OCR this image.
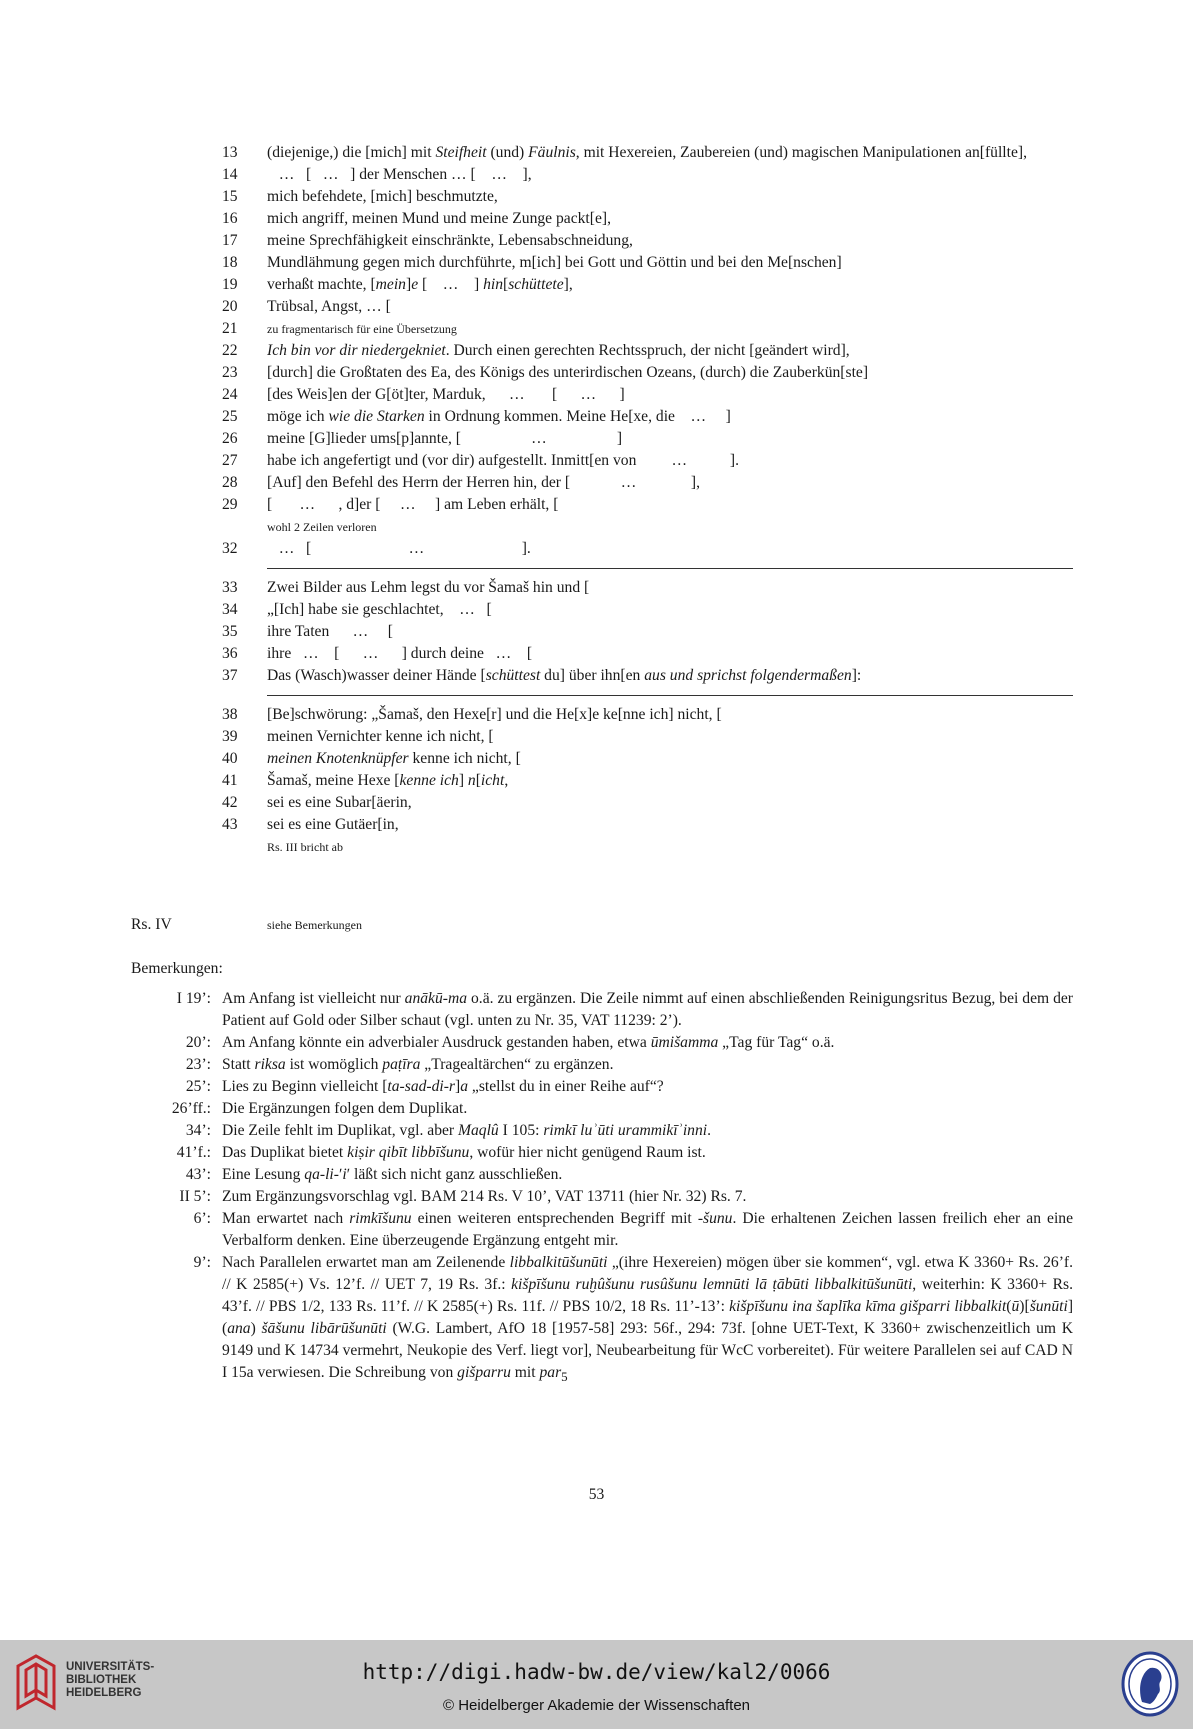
13	(diejenige,) die [mich] mit Steifheit (und) Fäulnis, mit Hexereien, Zaubereien (und) magischen Manipulationen an[füllte],
14	…   [   …   ] der Menschen … [    …    ],
15	mich befehdete, [mich] beschmutzte,
16	mich angriff, meinen Mund und meine Zunge packt[e],
17	meine Sprechfähigkeit einschränkte, Lebensabschneidung,
18	Mundlähmung gegen mich durchführte, m[ich] bei Gott und Göttin und bei den Me[nschen]
19	verhaßt machte, [mein]e [    …    ] hin[schüttete],
20	Trübsal, Angst, … [
21	zu fragmentarisch für eine Übersetzung
22	Ich bin vor dir niedergekniet. Durch einen gerechten Rechtsspruch, der nicht [geändert wird],
23	[durch] die Großtaten des Ea, des Königs des unterirdischen Ozeans, (durch) die Zauberkün[ste]
24	[des Weis]en der G[öt]ter, Marduk,      …       [      …      ]
25	möge ich wie die Starken in Ordnung kommen. Meine He[xe, die    …     ]
26	meine [G]lieder ums[p]annte, [                  …                  ]
27	habe ich angefertigt und (vor dir) aufgestellt. Inmitt[en von         …           ].
28	[Auf] den Befehl des Herrn der Herren hin, der [             …              ],
29	[       …      , d]er [     …     ] am Leben erhält, [
wohl 2 Zeilen verloren
32	…   [                         …                         ].
33	Zwei Bilder aus Lehm legst du vor Šamaš hin und [
34	„[Ich] habe sie geschlachtet,    …   [
35	ihre Taten      …     [
36	ihre   …    [      …      ] durch deine   …    [
37	Das (Wasch)wasser deiner Hände [schüttest du] über ihn[en aus und sprichst folgendermaßen]:
38	[Be]schwörung: „Šamaš, den Hexe[r] und die He[x]e ke[nne ich] nicht, [
39	meinen Vernichter kenne ich nicht, [
40	meinen Knotenknüpfer kenne ich nicht, [
41	Šamaš, meine Hexe [kenne ich] n[icht,
42	sei es eine Subar[äerin,
43	sei es eine Gutäer[in,
Rs. III bricht ab
Rs. IV	siehe Bemerkungen
Bemerkungen:
I 19’: Am Anfang ist vielleicht nur anākū-ma o.ä. zu ergänzen. Die Zeile nimmt auf einen abschließenden Reinigungsritus Bezug, bei dem der Patient auf Gold oder Silber schaut (vgl. unten zu Nr. 35, VAT 11239: 2’).
20’: Am Anfang könnte ein adverbialer Ausdruck gestanden haben, etwa ūmišamma „Tag für Tag“ o.ä.
23’: Statt riksa ist womöglich paṭīra „Tragealtärchen“ zu ergänzen.
25’: Lies zu Beginn vielleicht [ta-sad-di-r]a „stellst du in einer Reihe auf“?
26’ff.: Die Ergänzungen folgen dem Duplikat.
34’: Die Zeile fehlt im Duplikat, vgl. aber Maqlû I 105: rimkī luʾūti urammikīʾinni.
41’f.: Das Duplikat bietet kiṣir qibīt libbīšunu, wofür hier nicht genügend Raum ist.
43’: Eine Lesung qa-li-ʹiʹ läßt sich nicht ganz ausschließen.
II 5’: Zum Ergänzungsvorschlag vgl. BAM 214 Rs. V 10’, VAT 13711 (hier Nr. 32) Rs. 7.
6’: Man erwartet nach rimkīšunu einen weiteren entsprechenden Begriff mit -šunu. Die erhaltenen Zeichen lassen freilich eher an eine Verbalform denken. Eine überzeugende Ergänzung entgeht mir.
9’: Nach Parallelen erwartet man am Zeilenende libbalkitūšunūti „(ihre Hexereien) mögen über sie kommen“, vgl. etwa K 3360+ Rs. 26’f. // K 2585(+) Vs. 12’f. // UET 7, 19 Rs. 3f.: kišpīšunu ruḫûšunu rusûšunu lemnūti lā ṭābūti libbalkitūšunūti, weiterhin: K 3360+ Rs. 43’f. // PBS 1/2, 133 Rs. 11’f. // K 2585(+) Rs. 11f. // PBS 10/2, 18 Rs. 11’-13’: kišpīšunu ina šaplīka kīma gišparri libbalkit(ū)[šunūti] (ana) šāšunu libārūšunūti (W.G. Lambert, AfO 18 [1957-58] 293: 56f., 294: 73f. [ohne UET-Text, K 3360+ zwischenzeitlich um K 9149 und K 14734 vermehrt, Neukopie des Verf. liegt vor], Neubearbeitung für WcC vorbereitet). Für weitere Parallelen sei auf CAD N I 15a verwiesen. Die Schreibung von gišparru mit par$_5$
53
UNIVERSITÄTS-
BIBLIOTHEK
HEIDELBERG
http://digi.hadw-bw.de/view/kal2/0066
© Heidelberger Akademie der Wissenschaften
